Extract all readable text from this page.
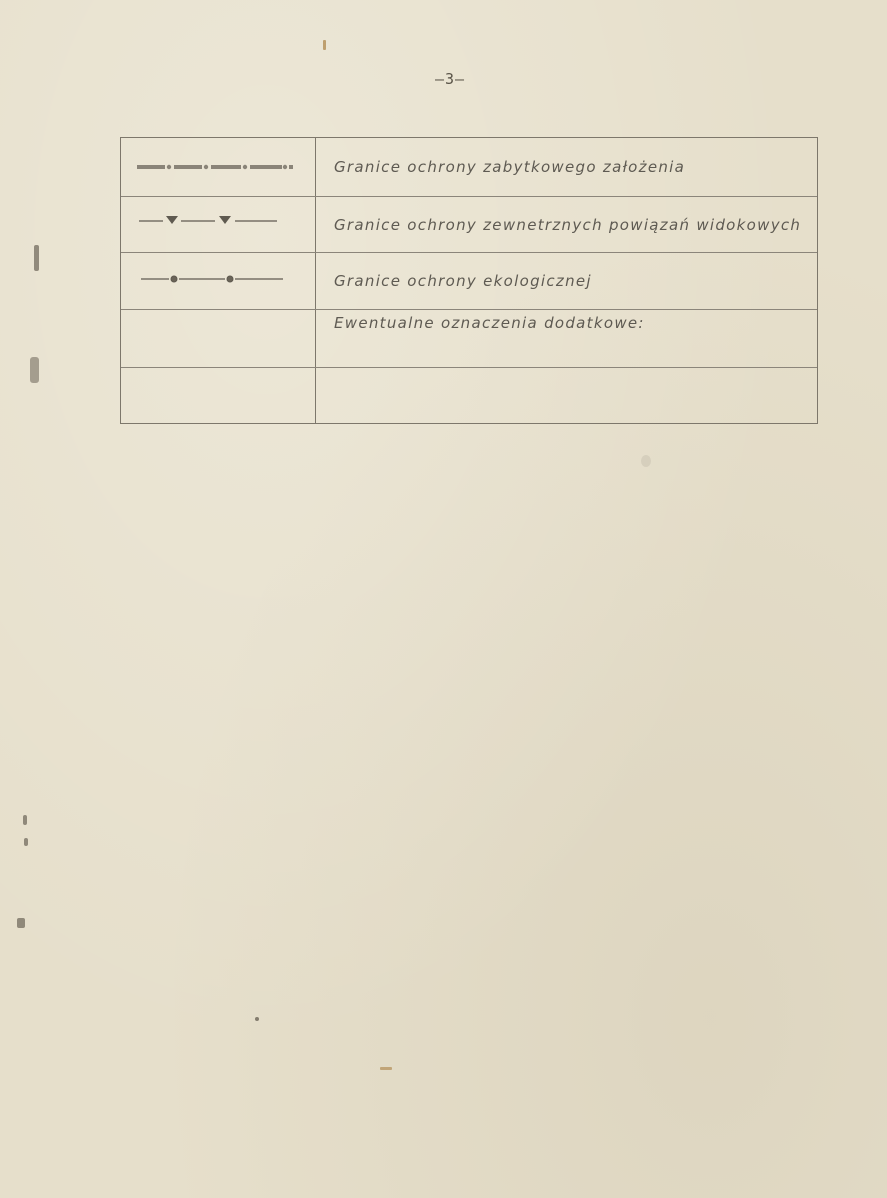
–3–
Granice ochrony zabytkowego założenia
Granice ochrony zewnetrznych powiązań widokowych
Granice ochrony ekologicznej
Ewentualne oznaczenia dodatkowe:
